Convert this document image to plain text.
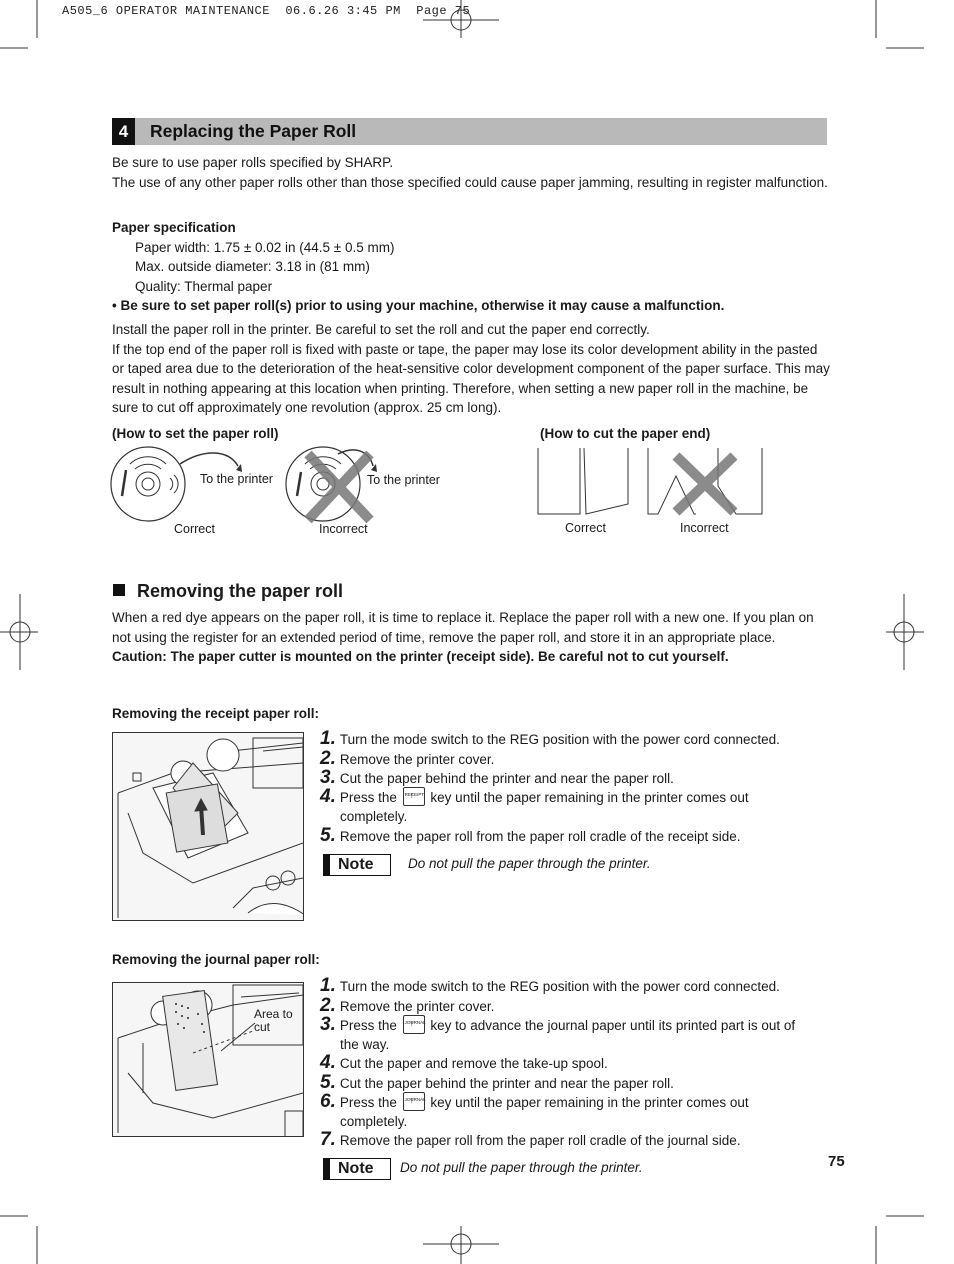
A505_6 OPERATOR MAINTENANCE  06.6.26 3:45 PM  Page 75
4	Replacing the Paper Roll

Be sure to use paper rolls specified by SHARP.

The use of any other paper rolls other than those specified could cause paper jamming, resulting in register malfunction.

Paper specification

Paper width: 1.75 ± 0.02 in (44.5 ± 0.5 mm)

Max. outside diameter: 3.18 in (81 mm)

Quality: Thermal paper

• Be sure to set paper roll(s) prior to using your machine, otherwise it may cause a malfunction.

Install the paper roll in the printer. Be careful to set the roll and cut the paper end correctly.

If the top end of the paper roll is fixed with paste or tape, the paper may lose its color development ability in the pasted or taped area due to the deterioration of the heat-sensitive color development component of the paper surface. This may result in nothing appearing at this location when printing. Therefore, when setting a new paper roll in the machine, be sure to cut off approximately one revolution (approx. 25 cm long).

(How to set the paper roll)	(How to cut the paper end)
To the printer	To the printer
Correct	Incorrect	Correct	Incorrect
Removing the paper roll

When a red dye appears on the paper roll, it is time to replace it. Replace the paper roll with a new one. If you plan on not using the register for an extended period of time, remove the paper roll, and store it in an appropriate place.

Caution: The paper cutter is mounted on the printer (receipt side). Be careful not to cut yourself.

Removing the receipt paper roll:
1. Turn the mode switch to the REG position with the power cord connected.
2. Remove the printer cover.
3. Cut the paper behind the printer and near the paper roll.
4. Press the ↑ RECEIPT key until the paper remaining in the printer comes out
completely.
5. Remove the paper roll from the paper roll cradle of the receipt side.
Note	Do not pull the paper through the printer.
Removing the journal paper roll:
Area to
cut
1. Turn the mode switch to the REG position with the power cord connected.
2. Remove the printer cover.
3. Press the ↑ JOURNAL key to advance the journal paper until its printed part is out of
the way.
4. Cut the paper and remove the take-up spool.
5. Cut the paper behind the printer and near the paper roll.
6. Press the ↑ JOURNAL key until the paper remaining in the printer comes out
completely.
7. Remove the paper roll from the paper roll cradle of the journal side.
Note Do not pull the paper through the printer.	75
